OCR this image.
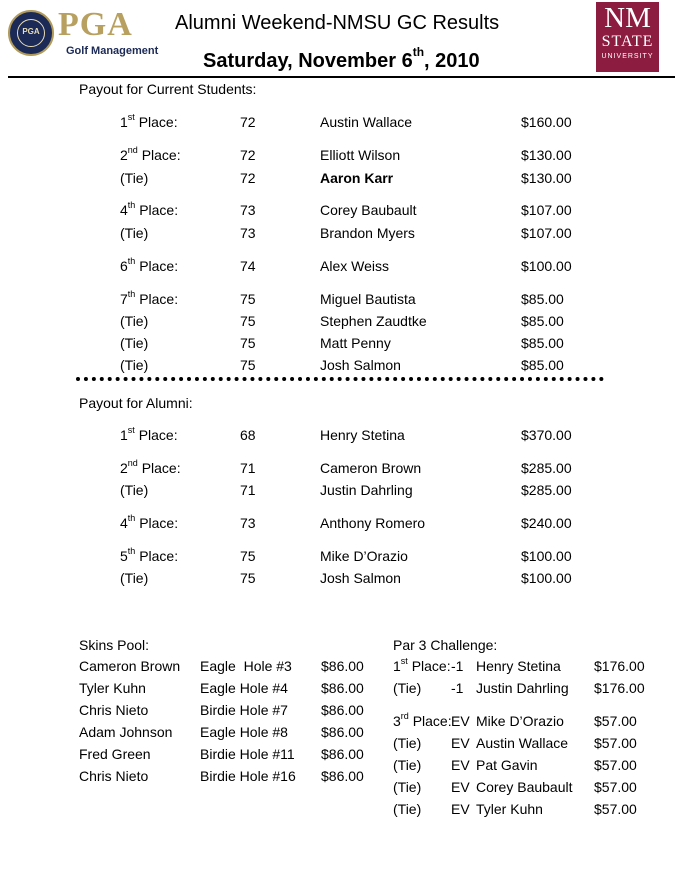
PGA PGA
Golf Management
Alumni Weekend-NMSU GC Results
Saturday, November 6th, 2010
NM
STATE
UNIVERSITY
Payout for Current Students:
1st Place:	72	Austin Wallace	$160.00
2nd Place:	72	Elliott Wilson	$130.00
(Tie)	72	Aaron Karr	$130.00
4th Place:	73	Corey Baubault	$107.00
(Tie)	73	Brandon Myers	$107.00
6th Place:	74	Alex Weiss	$100.00
7th Place:	75	Miguel Bautista	$85.00
(Tie)	75	Stephen Zaudtke	$85.00
(Tie)	75	Matt Penny	$85.00
(Tie)	75	Josh Salmon	$85.00
Payout for Alumni:
1st Place:	68	Henry Stetina	$370.00
2nd Place:	71	Cameron Brown	$285.00
(Tie)	71	Justin Dahrling	$285.00
4th Place:	73	Anthony Romero	$240.00
5th Place:	75	Mike D’Orazio	$100.00
(Tie)	75	Josh Salmon	$100.00
Skins Pool:
Cameron Brown Eagle  Hole #3 $86.00
Tyler Kuhn	Eagle Hole #4 $86.00
Chris Nieto	Birdie Hole #7 $86.00
Adam Johnson Eagle Hole #8 $86.00
Fred Green	Birdie Hole #11 $86.00
Chris Nieto	Birdie Hole #16 $86.00
Par 3 Challenge:
1st Place: -1 Henry Stetina $176.00
(Tie) -1 Justin Dahrling $176.00
3rd Place: EV Mike D’Orazio $57.00
(Tie) EV Austin Wallace $57.00
(Tie) EV Pat Gavin	$57.00
(Tie) EV Corey Baubault $57.00
(Tie) EV Tyler Kuhn	$57.00
